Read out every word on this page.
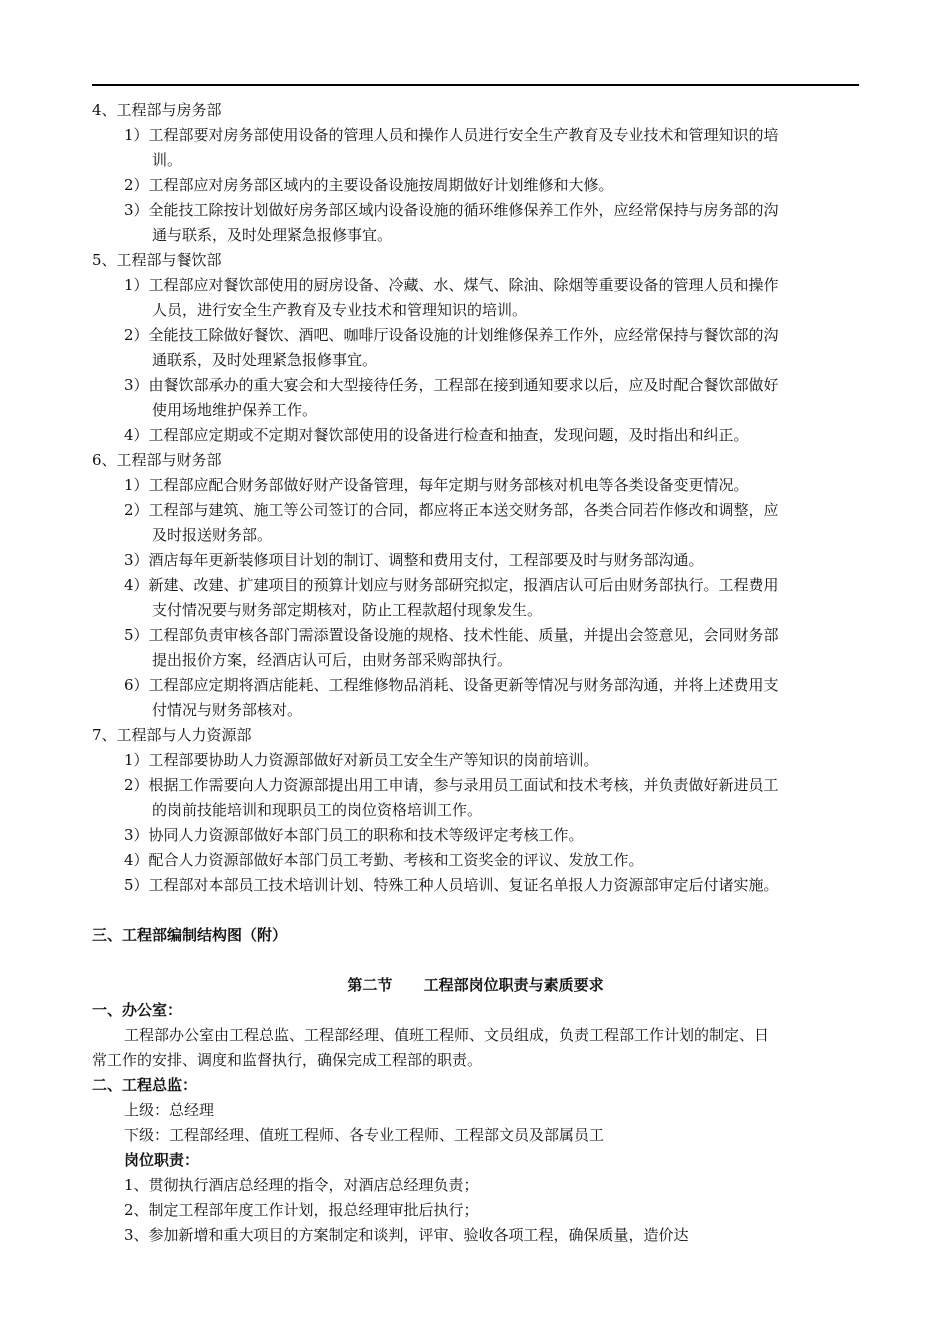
4、工程部与房务部
1）工程部要对房务部使用设备的管理人员和操作人员进行安全生产教育及专业技术和管理知识的培
训。
2）工程部应对房务部区域内的主要设备设施按周期做好计划维修和大修。
3）全能技工除按计划做好房务部区域内设备设施的循环维修保养工作外，应经常保持与房务部的沟
通与联系，及时处理紧急报修事宜。
5、工程部与餐饮部
1）工程部应对餐饮部使用的厨房设备、冷藏、水、煤气、除油、除烟等重要设备的管理人员和操作
人员，进行安全生产教育及专业技术和管理知识的培训。
2）全能技工除做好餐饮、酒吧、咖啡厅设备设施的计划维修保养工作外，应经常保持与餐饮部的沟
通联系，及时处理紧急报修事宜。
3）由餐饮部承办的重大宴会和大型接待任务，工程部在接到通知要求以后，应及时配合餐饮部做好
使用场地维护保养工作。
4）工程部应定期或不定期对餐饮部使用的设备进行检查和抽查，发现问题，及时指出和纠正。
6、工程部与财务部
1）工程部应配合财务部做好财产设备管理，每年定期与财务部核对机电等各类设备变更情况。
2）工程部与建筑、施工等公司签订的合同，都应将正本送交财务部，各类合同若作修改和调整，应
及时报送财务部。
3）酒店每年更新装修项目计划的制订、调整和费用支付，工程部要及时与财务部沟通。
4）新建、改建、扩建项目的预算计划应与财务部研究拟定，报酒店认可后由财务部执行。工程费用
支付情况要与财务部定期核对，防止工程款超付现象发生。
5）工程部负责审核各部门需添置设备设施的规格、技术性能、质量，并提出会签意见，会同财务部
提出报价方案，经酒店认可后，由财务部采购部执行。
6）工程部应定期将酒店能耗、工程维修物品消耗、设备更新等情况与财务部沟通，并将上述费用支
付情况与财务部核对。
7、工程部与人力资源部
1）工程部要协助人力资源部做好对新员工安全生产等知识的岗前培训。
2）根据工作需要向人力资源部提出用工申请，参与录用员工面试和技术考核，并负责做好新进员工
的岗前技能培训和现职员工的岗位资格培训工作。
3）协同人力资源部做好本部门员工的职称和技术等级评定考核工作。
4）配合人力资源部做好本部门员工考勤、考核和工资奖金的评议、发放工作。
5）工程部对本部员工技术培训计划、特殊工种人员培训、复证名单报人力资源部审定后付诸实施。
三、工程部编制结构图（附）
第二节      工程部岗位职责与素质要求
一、办公室：
工程部办公室由工程总监、工程部经理、值班工程师、文员组成，负责工程部工作计划的制定、日
常工作的安排、调度和监督执行，确保完成工程部的职责。
二、工程总监：
上级：总经理
下级：工程部经理、值班工程师、各专业工程师、工程部文员及部属员工
岗位职责：
1、贯彻执行酒店总经理的指令，对酒店总经理负责；
2、制定工程部年度工作计划，报总经理审批后执行；
3、参加新增和重大项目的方案制定和谈判，评审、验收各项工程，确保质量，造价达
